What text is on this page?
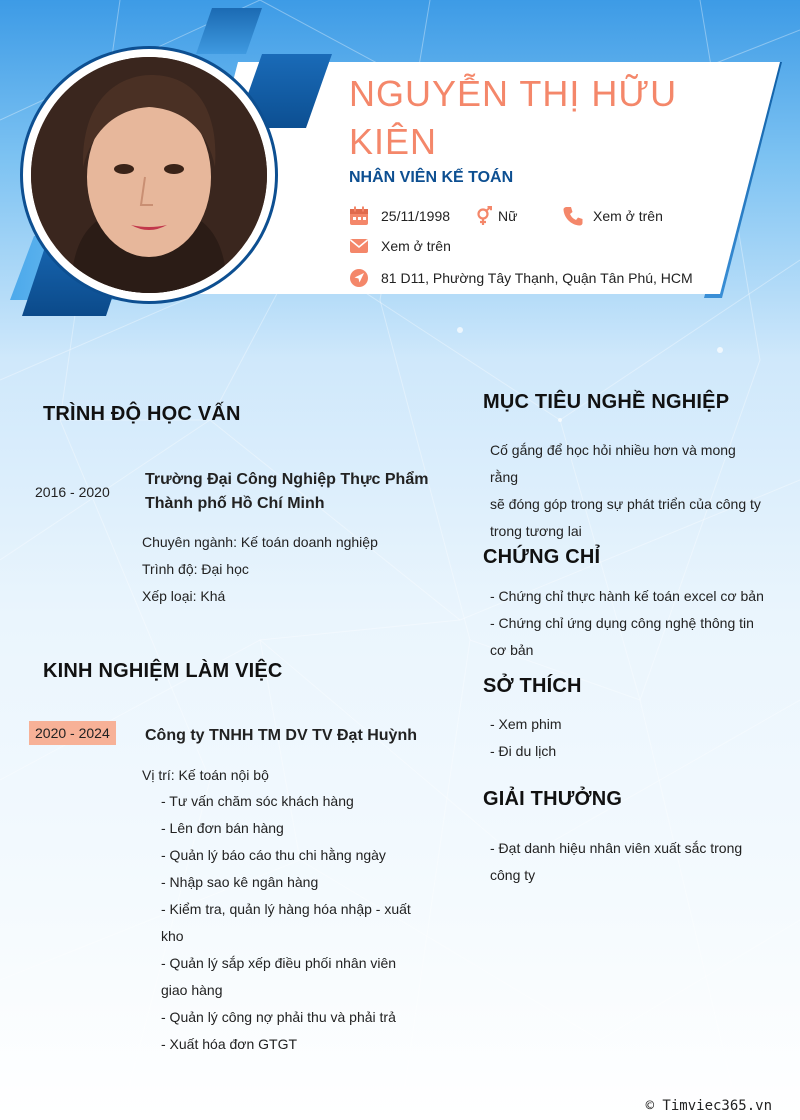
NGUYỄN THỊ HỮU KIÊN
NHÂN VIÊN KẾ TOÁN
25/11/1998	Nữ	Xem ở trên
Xem ở trên
81 D11, Phường Tây Thạnh, Quận Tân Phú, HCM
TRÌNH ĐỘ HỌC VẤN
2016 - 2020
Trường Đại Công Nghiệp Thực Phẩm
Thành phố Hồ Chí Minh
Chuyên ngành: Kế toán doanh nghiệp
Trình độ: Đại học
Xếp loại: Khá
KINH NGHIỆM LÀM VIỆC
2020 - 2024	Công ty TNHH TM DV TV Đạt Huỳnh
Vị trí: Kế toán nội bộ
- Tư vấn chăm sóc khách hàng
- Lên đơn bán hàng
- Quản lý báo cáo thu chi hằng ngày
- Nhập sao kê ngân hàng
- Kiểm tra, quản lý hàng hóa nhập - xuất
kho
- Quản lý sắp xếp điều phối nhân viên
giao hàng
- Quản lý công nợ phải thu và phải trả
- Xuất hóa đơn GTGT
MỤC TIÊU NGHỀ NGHIỆP
Cố gắng để học hỏi nhiều hơn và mong rằng
sẽ đóng góp trong sự phát triển của công ty
trong tương lai
CHỨNG CHỈ
- Chứng chỉ thực hành kế toán excel cơ bản
- Chứng chỉ ứng dụng công nghệ thông tin
cơ bản
SỞ THÍCH
- Xem phim
- Đi du lịch
GIẢI THƯỞNG
- Đạt danh hiệu nhân viên xuất sắc trong
công ty
© Timviec365.vn
